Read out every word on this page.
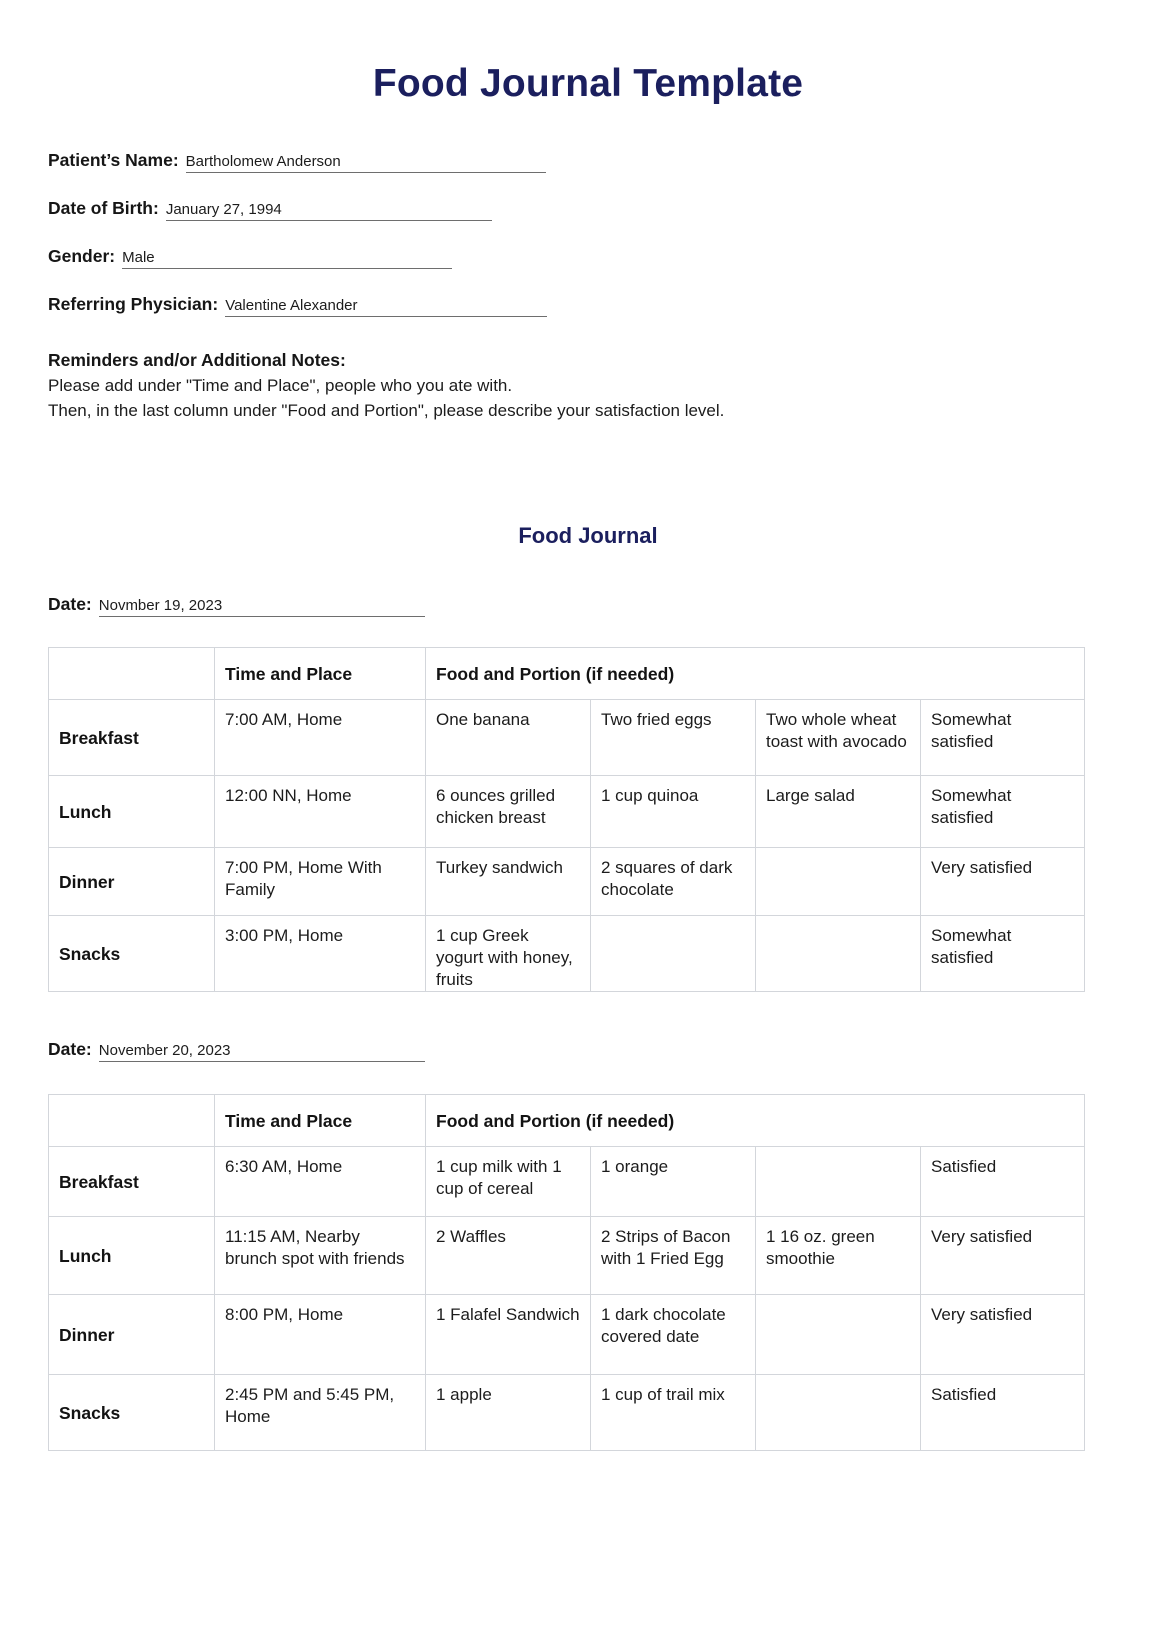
Food Journal Template
Patient’s Name: Bartholomew Anderson
Date of Birth: January 27, 1994
Gender: Male
Referring Physician: Valentine Alexander

Reminders and/or Additional Notes:

Please add under "Time and Place", people who you ate with.

Then, in the last column under "Food and Portion", please describe your satisfaction level.

Food Journal
Date: Novmber 19, 2023
	Time and Place	Food and Portion (if needed)			
Breakfast	7:00 AM, Home	One banana	Two fried eggs	Two whole wheat toast with avocado	Somewhat satisfied

Lunch	12:00 NN, Home	6 ounces grilled chicken breast	1 cup quinoa	Large salad	Somewhat satisfied

Dinner	7:00 PM, Home With Family	Turkey sandwich	2 squares of dark chocolate		Very satisfied

Snacks	3:00 PM, Home	1 cup Greek yogurt with honey, fruits			Somewhat satisfied
Date: November 20, 2023
	Time and Place	Food and Portion (if needed)			
Breakfast	6:30 AM, Home	1 cup milk with 1 cup of cereal	1 orange		Satisfied

Lunch	11:15 AM, Nearby brunch spot with friends	2 Waffles	2 Strips of Bacon with 1 Fried Egg	1 16 oz. green smoothie	Very satisfied

Dinner	8:00 PM, Home	1 Falafel Sandwich	1 dark chocolate covered date		Very satisfied

Snacks	2:45 PM and 5:45 PM, Home	1 apple	1 cup of trail mix		Satisfied
